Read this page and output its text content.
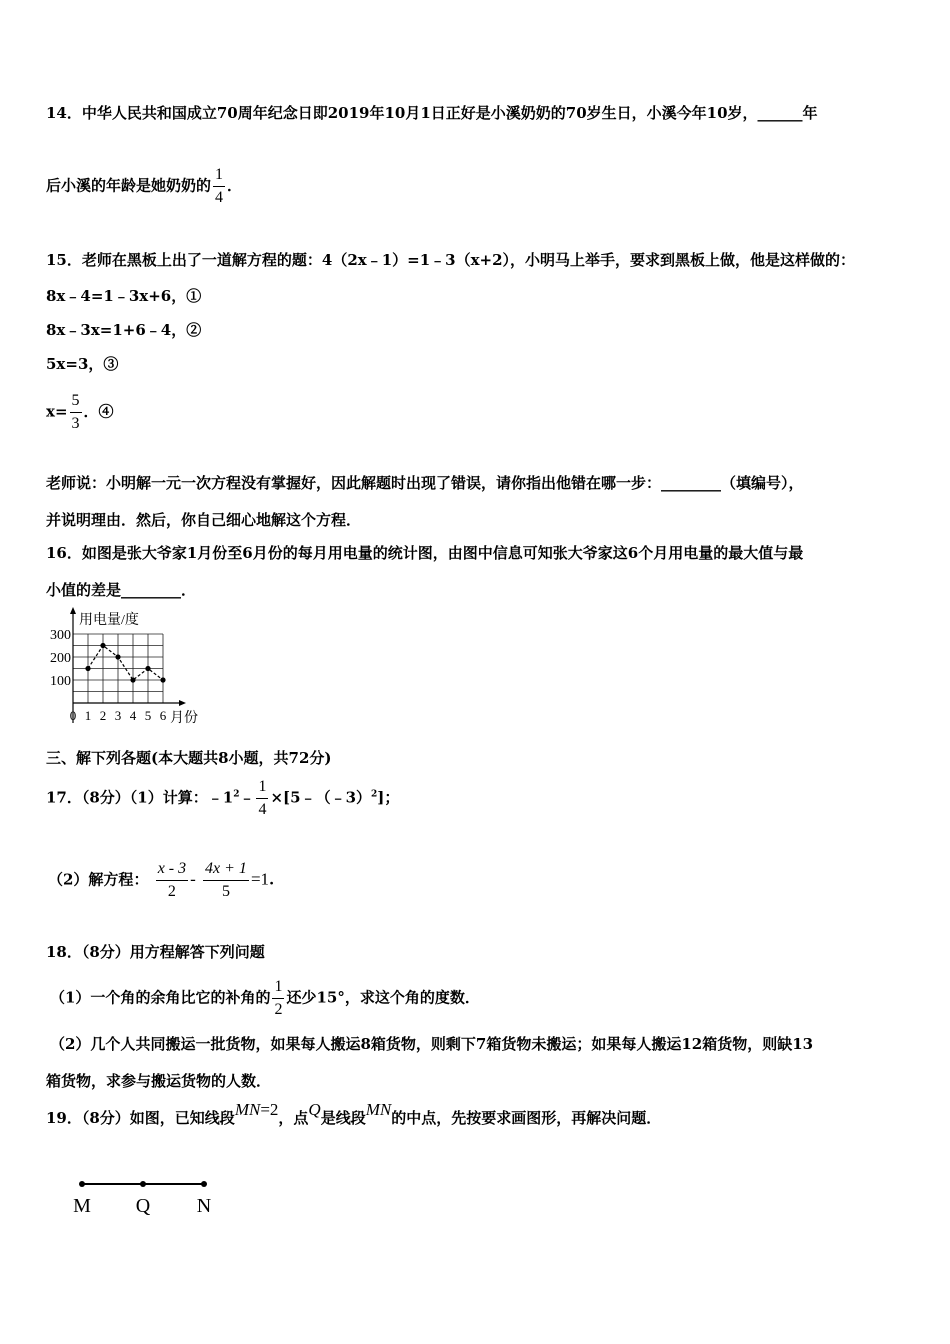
14．中华人民共和国成立70周年纪念日即2019年10月1日正好是小溪奶奶的70岁生日，小溪今年10岁，______年
后小溪的年龄是她奶奶的 $\frac{1}{4}$ ．
15．老师在黑板上出了一道解方程的题：4（2x﹣1）=1﹣3（x+2），小明马上举手，要求到黑板上做，他是这样做的：
8x﹣4=1﹣3x+6，①
8x﹣3x=1+6﹣4，②
5x=3，③
$x= \frac{5}{3}$ ．④
老师说：小明解一元一次方程没有掌握好，因此解题时出现了错误，请你指出他错在哪一步：________（填编号），
并说明理由．然后，你自己细心地解这个方程．
16．如图是张大爷家1月份至6月份的每月用电量的统计图，由图中信息可知张大爷家这6个月用电量的最大值与最
小值的差是________．
用电量/度
0	月份
100
200
300
1 2 3 4 5 6
三、解下列各题(本大题共8小题，共72分)
17．（8分）（1）计算：$﹣1^2﹣ \frac{1}{4}$ ×[5﹣（﹣3）$^2$]；
（2）解方程： $\frac{x - 3}{2} - \frac{4x + 1}{5} =1$.
18．（8分）用方程解答下列问题
（1）一个角的余角比它的补角的 $\frac{1}{2}$ 还少15°，求这个角的度数．
（2）几个人共同搬运一批货物，如果每人搬运8箱货物，则剩下7箱货物未搬运；如果每人搬运12箱货物，则缺13
箱货物，求参与搬运货物的人数．
19．（8分）如图，已知线段MN=2，点Q是线段MN的中点，先按要求画图形，再解决问题．
M Q N
